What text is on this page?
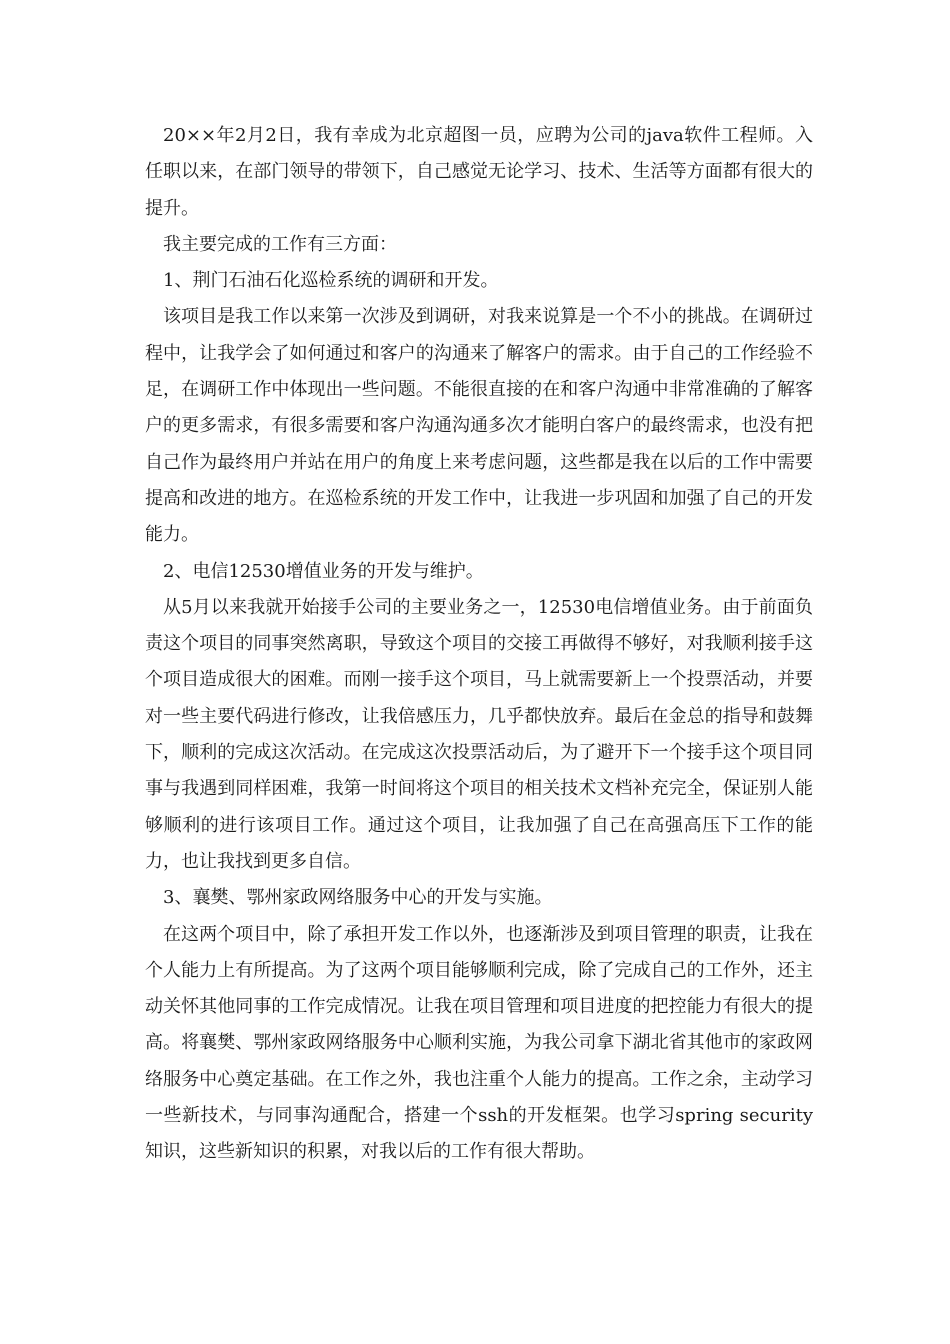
20××年2月2日，我有幸成为北京超图一员，应聘为公司的java软件工程师。入任职以来，在部门领导的带领下，自己感觉无论学习、技术、生活等方面都有很大的提升。

我主要完成的工作有三方面：

1、荆门石油石化巡检系统的调研和开发。

该项目是我工作以来第一次涉及到调研，对我来说算是一个不小的挑战。在调研过程中，让我学会了如何通过和客户的沟通来了解客户的需求。由于自己的工作经验不足，在调研工作中体现出一些问题。不能很直接的在和客户沟通中非常准确的了解客户的更多需求，有很多需要和客户沟通沟通多次才能明白客户的最终需求，也没有把自己作为最终用户并站在用户的角度上来考虑问题，这些都是我在以后的工作中需要提高和改进的地方。在巡检系统的开发工作中，让我进一步巩固和加强了自己的开发能力。

2、电信12530增值业务的开发与维护。

从5月以来我就开始接手公司的主要业务之一，12530电信增值业务。由于前面负责这个项目的同事突然离职，导致这个项目的交接工再做得不够好，对我顺利接手这个项目造成很大的困难。而刚一接手这个项目，马上就需要新上一个投票活动，并要对一些主要代码进行修改，让我倍感压力，几乎都快放弃。最后在金总的指导和鼓舞下，顺利的完成这次活动。在完成这次投票活动后，为了避开下一个接手这个项目同事与我遇到同样困难，我第一时间将这个项目的相关技术文档补充完全，保证别人能够顺利的进行该项目工作。通过这个项目，让我加强了自己在高强高压下工作的能力，也让我找到更多自信。

3、襄樊、鄂州家政网络服务中心的开发与实施。

在这两个项目中，除了承担开发工作以外，也逐渐涉及到项目管理的职责，让我在个人能力上有所提高。为了这两个项目能够顺利完成，除了完成自己的工作外，还主动关怀其他同事的工作完成情况。让我在项目管理和项目进度的把控能力有很大的提高。将襄樊、鄂州家政网络服务中心顺利实施，为我公司拿下湖北省其他市的家政网络服务中心奠定基础。在工作之外，我也注重个人能力的提高。工作之余，主动学习一些新技术，与同事沟通配合，搭建一个ssh的开发框架。也学习spring security知识，这些新知识的积累，对我以后的工作有很大帮助。
